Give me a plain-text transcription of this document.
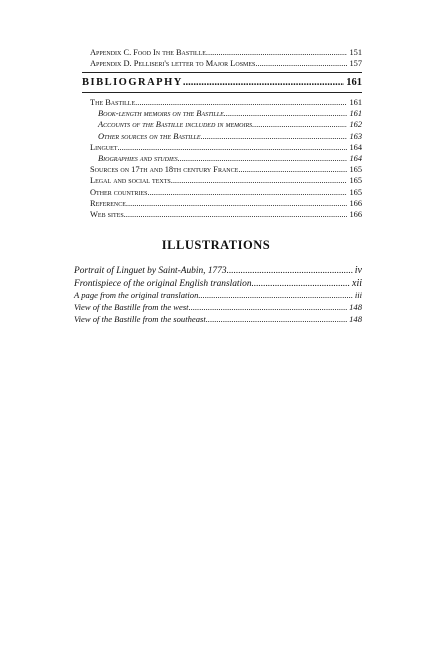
Appendix C. Food In the Bastille .....	151
Appendix D. Pelliseri's letter to Major Losmes .....	157
BIBLIOGRAPHY .....	161
The Bastille .....	161
Book-length memoirs on the Bastille .....	161
Accounts of the Bastille included in memoirs .....	162
Other sources on the Bastille .....	163
Linguet .....	164
Biographies and studies .....	164
Sources on 17th and 18th century France .....	165
Legal and social texts .....	165
Other countries .....	165
Reference .....	166
Web sites .....	166
ILLUSTRATIONS
Portrait of Linguet by Saint-Aubin, 1773 .....	iv
Frontispiece of the original English translation .....	xii
A page from the original translation .....	iii
View of the Bastille from the west .....	148
View of the Bastille from the southeast .....	148
